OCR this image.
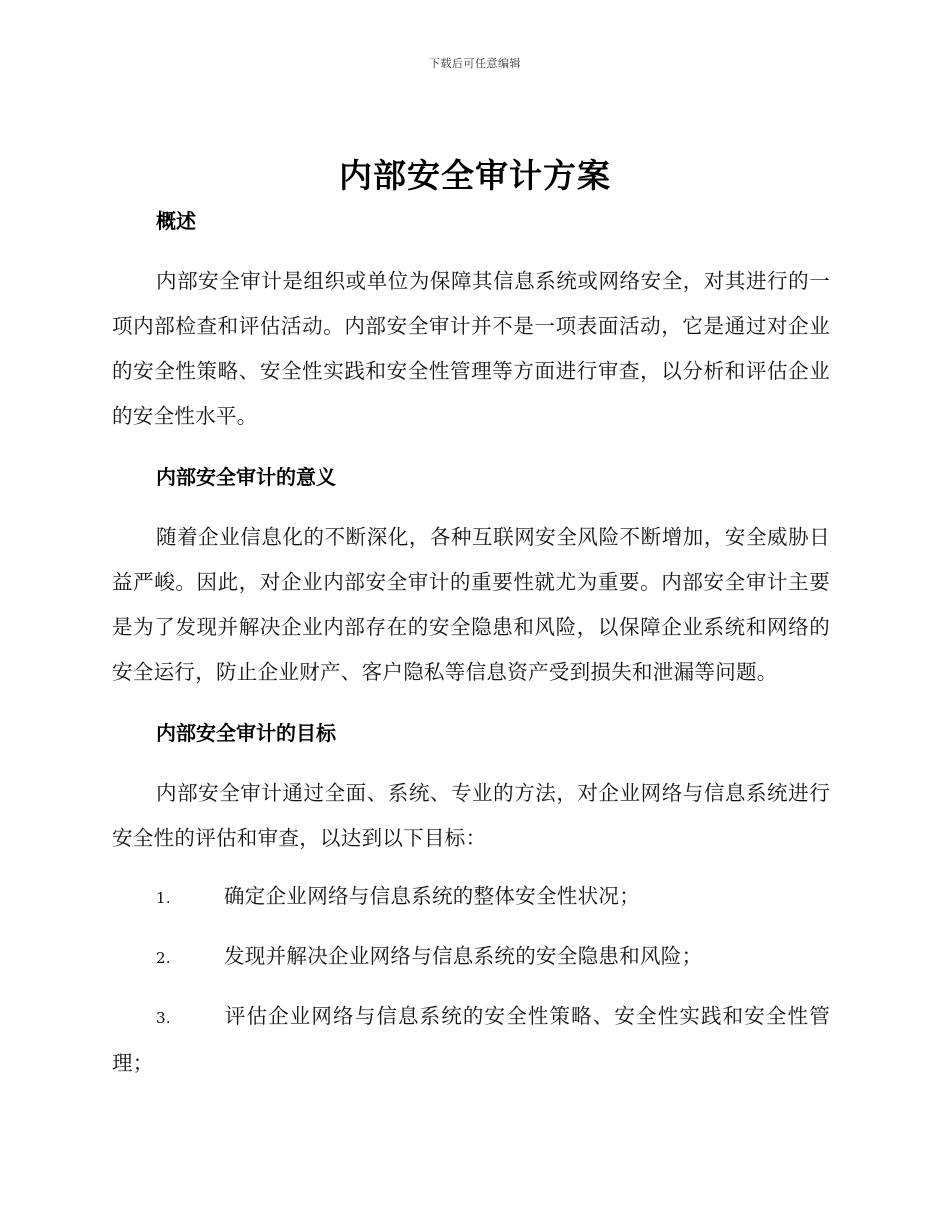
下载后可任意编辑
内部安全审计方案
概述

内部安全审计是组织或单位为保障其信息系统或网络安全，对其进行的一项内部检查和评估活动。内部安全审计并不是一项表面活动，它是通过对企业的安全性策略、安全性实践和安全性管理等方面进行审查，以分析和评估企业的安全性水平。

内部安全审计的意义

随着企业信息化的不断深化，各种互联网安全风险不断增加，安全威胁日益严峻。因此，对企业内部安全审计的重要性就尤为重要。内部安全审计主要是为了发现并解决企业内部存在的安全隐患和风险，以保障企业系统和网络的安全运行，防止企业财产、客户隐私等信息资产受到损失和泄漏等问题。

内部安全审计的目标

内部安全审计通过全面、系统、专业的方法，对企业网络与信息系统进行安全性的评估和审查，以达到以下目标：

1.	确定企业网络与信息系统的整体安全性状况；

2.	发现并解决企业网络与信息系统的安全隐患和风险；

3.	评估企业网络与信息系统的安全性策略、安全性实践和安全性管理；
